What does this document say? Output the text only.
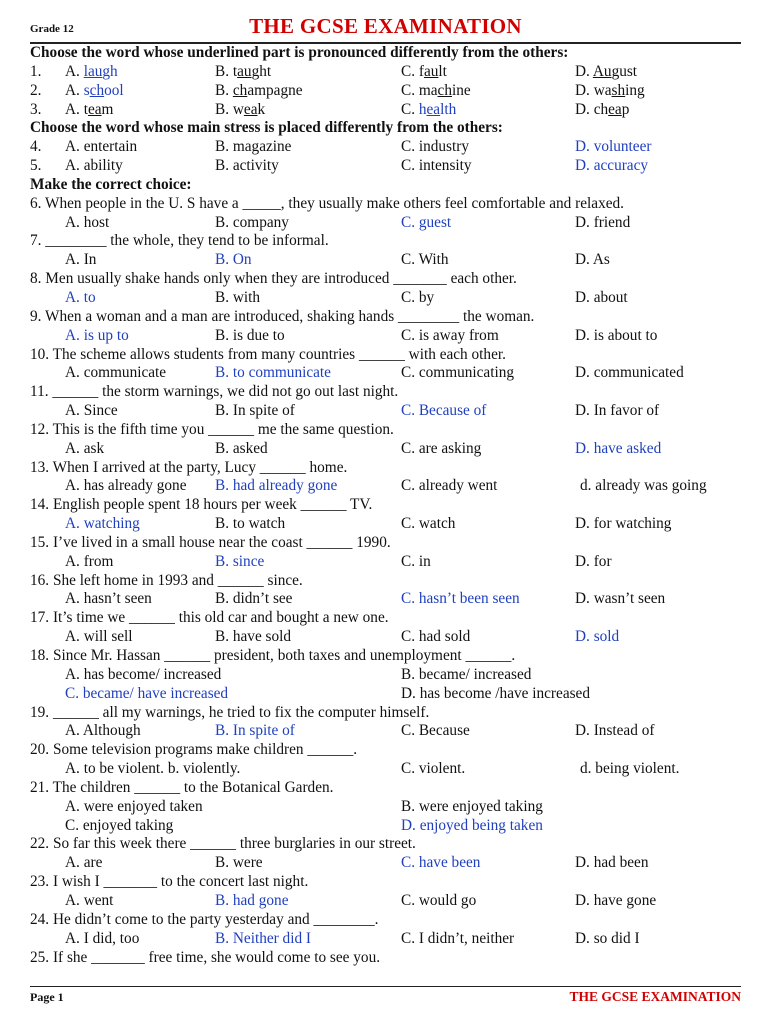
Grade 12	THE GCSE EXAMINATION
Choose the word whose underlined part is pronounced differently from the others:
1. A. laugh	B. taught	C. fault	D. August
2. A. school	B. champagne	C. machine	D. washing
3. A. team	B. weak	C. health	D. cheap
Choose the word whose main stress is placed differently from the others:
4. A. entertain	B. magazine	C. industry	D. volunteer
5. A. ability	B. activity	C. intensity	D. accuracy
Make the correct choice:
6. When people in the U. S have a _____, they usually make others feel comfortable and relaxed.
A. host	B. company	C. guest	D. friend
7. ________ the whole, they tend to be informal.
A. In	B. On	C. With	D. As
8. Men usually shake hands only when they are introduced _______ each other.
A. to	B. with	C. by	D. about
9. When a woman and a man are introduced, shaking hands ________ the woman.
A. is up to	B. is due to	C. is away from	D. is about to
10. The scheme allows students from many countries ______ with each other.
A. communicate	B. to communicate	C. communicating	D. communicated
11. ______ the storm warnings, we did not go out last night.
A. Since	B. In spite of	C. Because of	D. In favor of
12. This is the fifth time you ______ me the same question.
A. ask	B. asked	C. are asking	D. have asked
13. When I arrived at the party, Lucy ______ home.
A. has already gone B. had already gone	C. already went	d. already was going
14. English people spent 18 hours per week ______ TV.
A. watching	B. to watch	C. watch	D. for watching
15. I’ve lived in a small house near the coast ______ 1990.
A. from	B. since	C. in	D. for
16. She left home in 1993 and ______ since.
A. hasn’t seen	B. didn’t see	C. hasn’t been seen	D. wasn’t seen
17. It’s time we ______ this old car and bought a new one.
A. will sell	B. have sold	C. had sold	D. sold
18. Since Mr. Hassan ______ president, both taxes and unemployment ______.
A. has become/ increased	B. became/ increased
C. became/ have increased	D. has become /have increased
19. ______ all my warnings, he tried to fix the computer himself.
A. Although	B. In spite of	C. Because	D. Instead of
20. Some television programs make children ______.
A. to be violent. b. violently.	C. violent.	d. being violent.
21. The children ______ to the Botanical Garden.
A. were enjoyed taken	B. were enjoyed taking
C. enjoyed taking	D. enjoyed being taken
22. So far this week there ______ three burglaries in our street.
A. are	B. were	C. have been	D. had been
23. I wish I _______ to the concert last night.
A. went	B. had gone	C. would go	D. have gone
24. He didn’t come to the party yesterday and ________.
A. I did, too	B. Neither did I	C. I didn’t, neither	D. so did I
25. If she _______ free time, she would come to see you.
Page 1	THE GCSE EXAMINATION
